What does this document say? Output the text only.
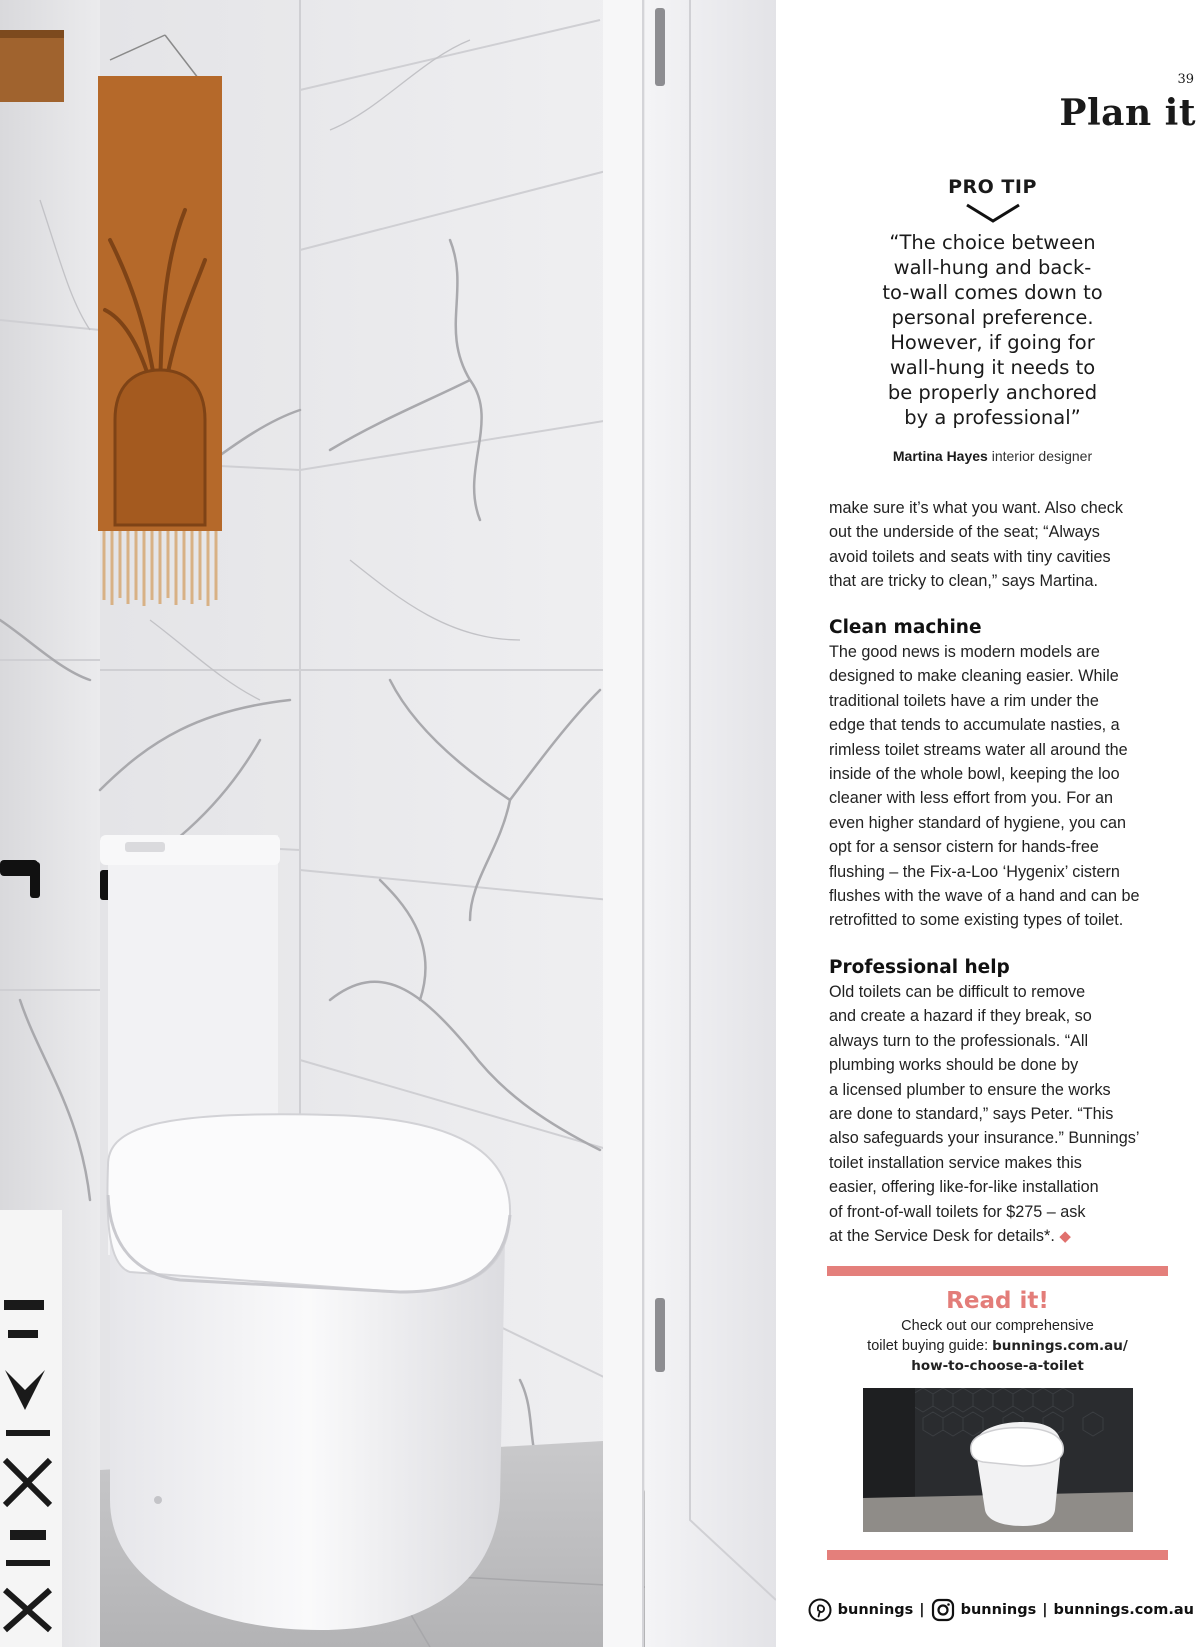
39
Plan it
PRO TIP

“The choice between
wall-hung and back-
to-wall comes down to
personal preference.
However, if going for
wall-hung it needs to
be properly anchored
by a professional”

Martina Hayes interior designer

make sure it’s what you want. Also check
out the underside of the seat; “Always
avoid toilets and seats with tiny cavities
that are tricky to clean,” says Martina.

Clean machine

The good news is modern models are
designed to make cleaning easier. While
traditional toilets have a rim under the
edge that tends to accumulate nasties, a
rimless toilet streams water all around the
inside of the whole bowl, keeping the loo
cleaner with less effort from you. For an
even higher standard of hygiene, you can
opt for a sensor cistern for hands-free
flushing – the Fix-a-Loo ‘Hygenix’ cistern
flushes with the wave of a hand and can be
retrofitted to some existing types of toilet.

Professional help

Old toilets can be difficult to remove
and create a hazard if they break, so
always turn to the professionals. “All
plumbing works should be done by
a licensed plumber to ensure the works
are done to standard,” says Peter. “This
also safeguards your insurance.” Bunnings’
toilet installation service makes this
easier, offering like-for-like installation
of front-of-wall toilets for $275 – ask
at the Service Desk for details*. ◆

Read it!
Check out our comprehensive
toilet buying guide: bunnings.com.au/
how-to-choose-a-toilet
bunnings | bunnings | bunnings.com.au
